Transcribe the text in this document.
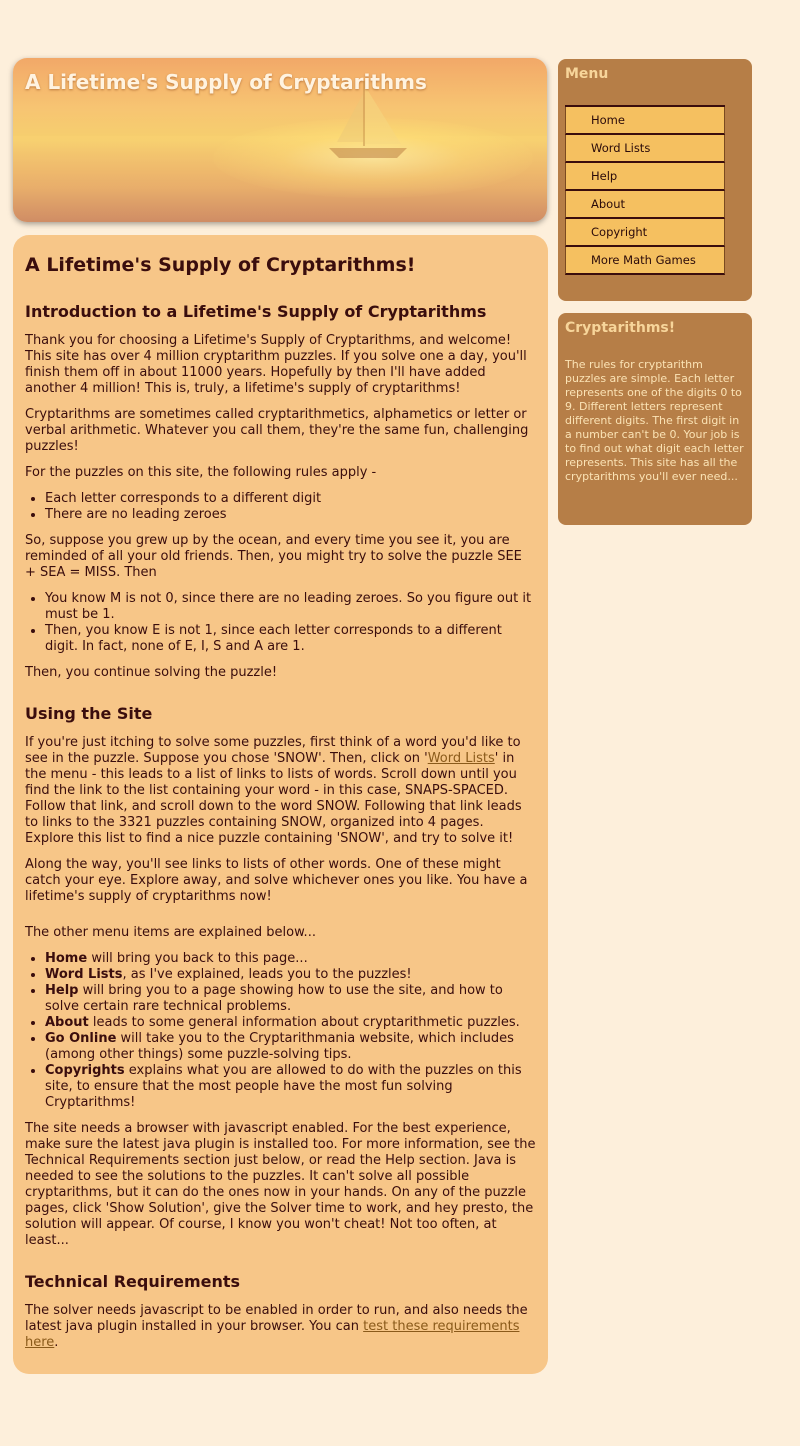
A Lifetime's Supply of Cryptarithms
A Lifetime's Supply of Cryptarithms!
Introduction to a Lifetime's Supply of Cryptarithms

Thank you for choosing a Lifetime's Supply of Cryptarithms, and welcome! This site has over 4 million cryptarithm puzzles. If you solve one a day, you'll finish them off in about 11000 years. Hopefully by then I'll have added another 4 million! This is, truly, a lifetime's supply of cryptarithms!

Cryptarithms are sometimes called cryptarithmetics, alphametics or letter or verbal arithmetic. Whatever you call them, they're the same fun, challenging puzzles!

For the puzzles on this site, the following rules apply -

• Each letter corresponds to a different digit
• There are no leading zeroes

So, suppose you grew up by the ocean, and every time you see it, you are reminded of all your old friends. Then, you might try to solve the puzzle SEE + SEA = MISS. Then

• You know M is not 0, since there are no leading zeroes. So you figure out it must be 1.
• Then, you know E is not 1, since each letter corresponds to a different digit. In fact, none of E, I, S and A are 1.

Then, you continue solving the puzzle!

Using the Site

If you're just itching to solve some puzzles, first think of a word you'd like to see in the puzzle. Suppose you chose 'SNOW'. Then, click on 'Word Lists' in the menu - this leads to a list of links to lists of words. Scroll down until you find the link to the list containing your word - in this case, SNAPS-SPACED. Follow that link, and scroll down to the word SNOW. Following that link leads to links to the 3321 puzzles containing SNOW, organized into 4 pages. Explore this list to find a nice puzzle containing 'SNOW', and try to solve it!

Along the way, you'll see links to lists of other words. One of these might catch your eye. Explore away, and solve whichever ones you like. You have a lifetime's supply of cryptarithms now!

The other menu items are explained below...

• Home will bring you back to this page...
• Word Lists, as I've explained, leads you to the puzzles!
• Help will bring you to a page showing how to use the site, and how to solve certain rare technical problems.
• About leads to some general information about cryptarithmetic puzzles.
• Go Online will take you to the Cryptarithmania website, which includes (among other things) some puzzle-solving tips.
• Copyrights explains what you are allowed to do with the puzzles on this site, to ensure that the most people have the most fun solving Cryptarithms!

The site needs a browser with javascript enabled. For the best experience, make sure the latest java plugin is installed too. For more information, see the Technical Requirements section just below, or read the Help section. Java is needed to see the solutions to the puzzles. It can't solve all possible cryptarithms, but it can do the ones now in your hands. On any of the puzzle pages, click 'Show Solution', give the Solver time to work, and hey presto, the solution will appear. Of course, I know you won't cheat! Not too often, at least...

Technical Requirements

The solver needs javascript to be enabled in order to run, and also needs the latest java plugin installed in your browser. You can test these requirements here.

Menu
Home
Word Lists
Help
About
Copyright
More Math Games
Cryptarithms!

The rules for cryptarithm puzzles are simple. Each letter represents one of the digits 0 to 9. Different letters represent different digits. The first digit in a number can't be 0. Your job is to find out what digit each letter represents. This site has all the cryptarithms you'll ever need...
